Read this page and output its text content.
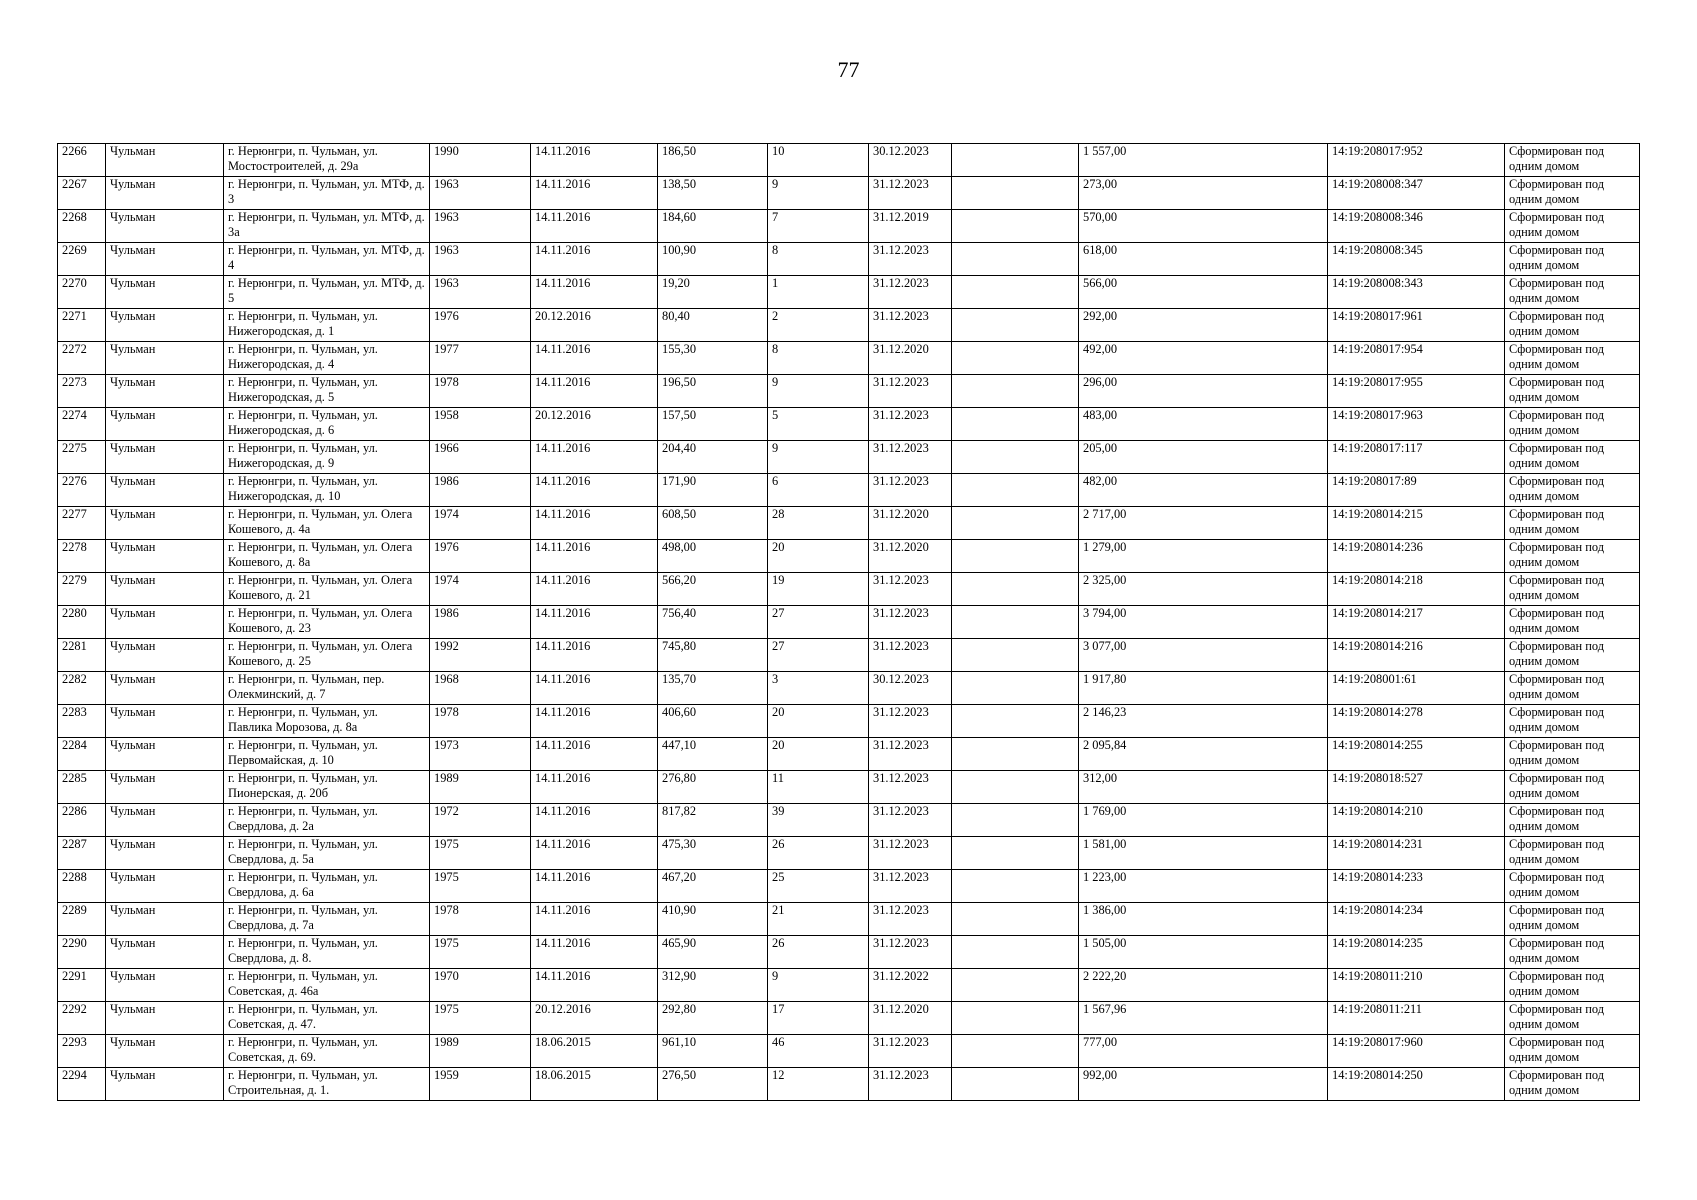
77
2266	Чульман	г. Нерюнгри, п. Чульман, ул. Мостостроителей, д. 29а	1990	14.11.2016	186,50	10	30.12.2023		1 557,00	14:19:208017:952	Сформирован под одним домом
2267	Чульман	г. Нерюнгри, п. Чульман, ул. МТФ, д. 3	1963	14.11.2016	138,50	9	31.12.2023		273,00	14:19:208008:347	Сформирован под одним домом
2268	Чульман	г. Нерюнгри, п. Чульман, ул. МТФ, д. 3а	1963	14.11.2016	184,60	7	31.12.2019		570,00	14:19:208008:346	Сформирован под одним домом
2269	Чульман	г. Нерюнгри, п. Чульман, ул. МТФ, д. 4	1963	14.11.2016	100,90	8	31.12.2023		618,00	14:19:208008:345	Сформирован под одним домом
2270	Чульман	г. Нерюнгри, п. Чульман, ул. МТФ, д. 5	1963	14.11.2016	19,20	1	31.12.2023		566,00	14:19:208008:343	Сформирован под одним домом
2271	Чульман	г. Нерюнгри, п. Чульман, ул. Нижегородская, д. 1	1976	20.12.2016	80,40	2	31.12.2023		292,00	14:19:208017:961	Сформирован под одним домом
2272	Чульман	г. Нерюнгри, п. Чульман, ул. Нижегородская, д. 4	1977	14.11.2016	155,30	8	31.12.2020		492,00	14:19:208017:954	Сформирован под одним домом
2273	Чульман	г. Нерюнгри, п. Чульман, ул. Нижегородская, д. 5	1978	14.11.2016	196,50	9	31.12.2023		296,00	14:19:208017:955	Сформирован под одним домом
2274	Чульман	г. Нерюнгри, п. Чульман, ул. Нижегородская, д. 6	1958	20.12.2016	157,50	5	31.12.2023		483,00	14:19:208017:963	Сформирован под одним домом
2275	Чульман	г. Нерюнгри, п. Чульман, ул. Нижегородская, д. 9	1966	14.11.2016	204,40	9	31.12.2023		205,00	14:19:208017:117	Сформирован под одним домом
2276	Чульман	г. Нерюнгри, п. Чульман, ул. Нижегородская, д. 10	1986	14.11.2016	171,90	6	31.12.2023		482,00	14:19:208017:89	Сформирован под одним домом
2277	Чульман	г. Нерюнгри, п. Чульман, ул. Олега Кошевого, д. 4а	1974	14.11.2016	608,50	28	31.12.2020		2 717,00	14:19:208014:215	Сформирован под одним домом
2278	Чульман	г. Нерюнгри, п. Чульман, ул. Олега Кошевого, д. 8а	1976	14.11.2016	498,00	20	31.12.2020		1 279,00	14:19:208014:236	Сформирован под одним домом
2279	Чульман	г. Нерюнгри, п. Чульман, ул. Олега Кошевого, д. 21	1974	14.11.2016	566,20	19	31.12.2023		2 325,00	14:19:208014:218	Сформирован под одним домом
2280	Чульман	г. Нерюнгри, п. Чульман, ул. Олега Кошевого, д. 23	1986	14.11.2016	756,40	27	31.12.2023		3 794,00	14:19:208014:217	Сформирован под одним домом
2281	Чульман	г. Нерюнгри, п. Чульман, ул. Олега Кошевого, д. 25	1992	14.11.2016	745,80	27	31.12.2023		3 077,00	14:19:208014:216	Сформирован под одним домом
2282	Чульман	г. Нерюнгри, п. Чульман, пер. Олекминский, д. 7	1968	14.11.2016	135,70	3	30.12.2023		1 917,80	14:19:208001:61	Сформирован под одним домом
2283	Чульман	г. Нерюнгри, п. Чульман, ул. Павлика Морозова, д. 8а	1978	14.11.2016	406,60	20	31.12.2023		2 146,23	14:19:208014:278	Сформирован под одним домом
2284	Чульман	г. Нерюнгри, п. Чульман, ул. Первомайская, д. 10	1973	14.11.2016	447,10	20	31.12.2023		2 095,84	14:19:208014:255	Сформирован под одним домом
2285	Чульман	г. Нерюнгри, п. Чульман, ул. Пионерская, д. 20б	1989	14.11.2016	276,80	11	31.12.2023		312,00	14:19:208018:527	Сформирован под одним домом
2286	Чульман	г. Нерюнгри, п. Чульман, ул. Свердлова, д. 2а	1972	14.11.2016	817,82	39	31.12.2023		1 769,00	14:19:208014:210	Сформирован под одним домом
2287	Чульман	г. Нерюнгри, п. Чульман, ул. Свердлова, д. 5а	1975	14.11.2016	475,30	26	31.12.2023		1 581,00	14:19:208014:231	Сформирован под одним домом
2288	Чульман	г. Нерюнгри, п. Чульман, ул. Свердлова, д. 6а	1975	14.11.2016	467,20	25	31.12.2023		1 223,00	14:19:208014:233	Сформирован под одним домом
2289	Чульман	г. Нерюнгри, п. Чульман, ул. Свердлова, д. 7а	1978	14.11.2016	410,90	21	31.12.2023		1 386,00	14:19:208014:234	Сформирован под одним домом
2290	Чульман	г. Нерюнгри, п. Чульман, ул. Свердлова, д. 8.	1975	14.11.2016	465,90	26	31.12.2023		1 505,00	14:19:208014:235	Сформирован под одним домом
2291	Чульман	г. Нерюнгри, п. Чульман, ул. Советская, д. 46а	1970	14.11.2016	312,90	9	31.12.2022		2 222,20	14:19:208011:210	Сформирован под одним домом
2292	Чульман	г. Нерюнгри, п. Чульман, ул. Советская, д. 47.	1975	20.12.2016	292,80	17	31.12.2020		1 567,96	14:19:208011:211	Сформирован под одним домом
2293	Чульман	г. Нерюнгри, п. Чульман, ул. Советская, д. 69.	1989	18.06.2015	961,10	46	31.12.2023		777,00	14:19:208017:960	Сформирован под одним домом
2294	Чульман	г. Нерюнгри, п. Чульман, ул. Строительная, д. 1.	1959	18.06.2015	276,50	12	31.12.2023		992,00	14:19:208014:250	Сформирован под одним домом
